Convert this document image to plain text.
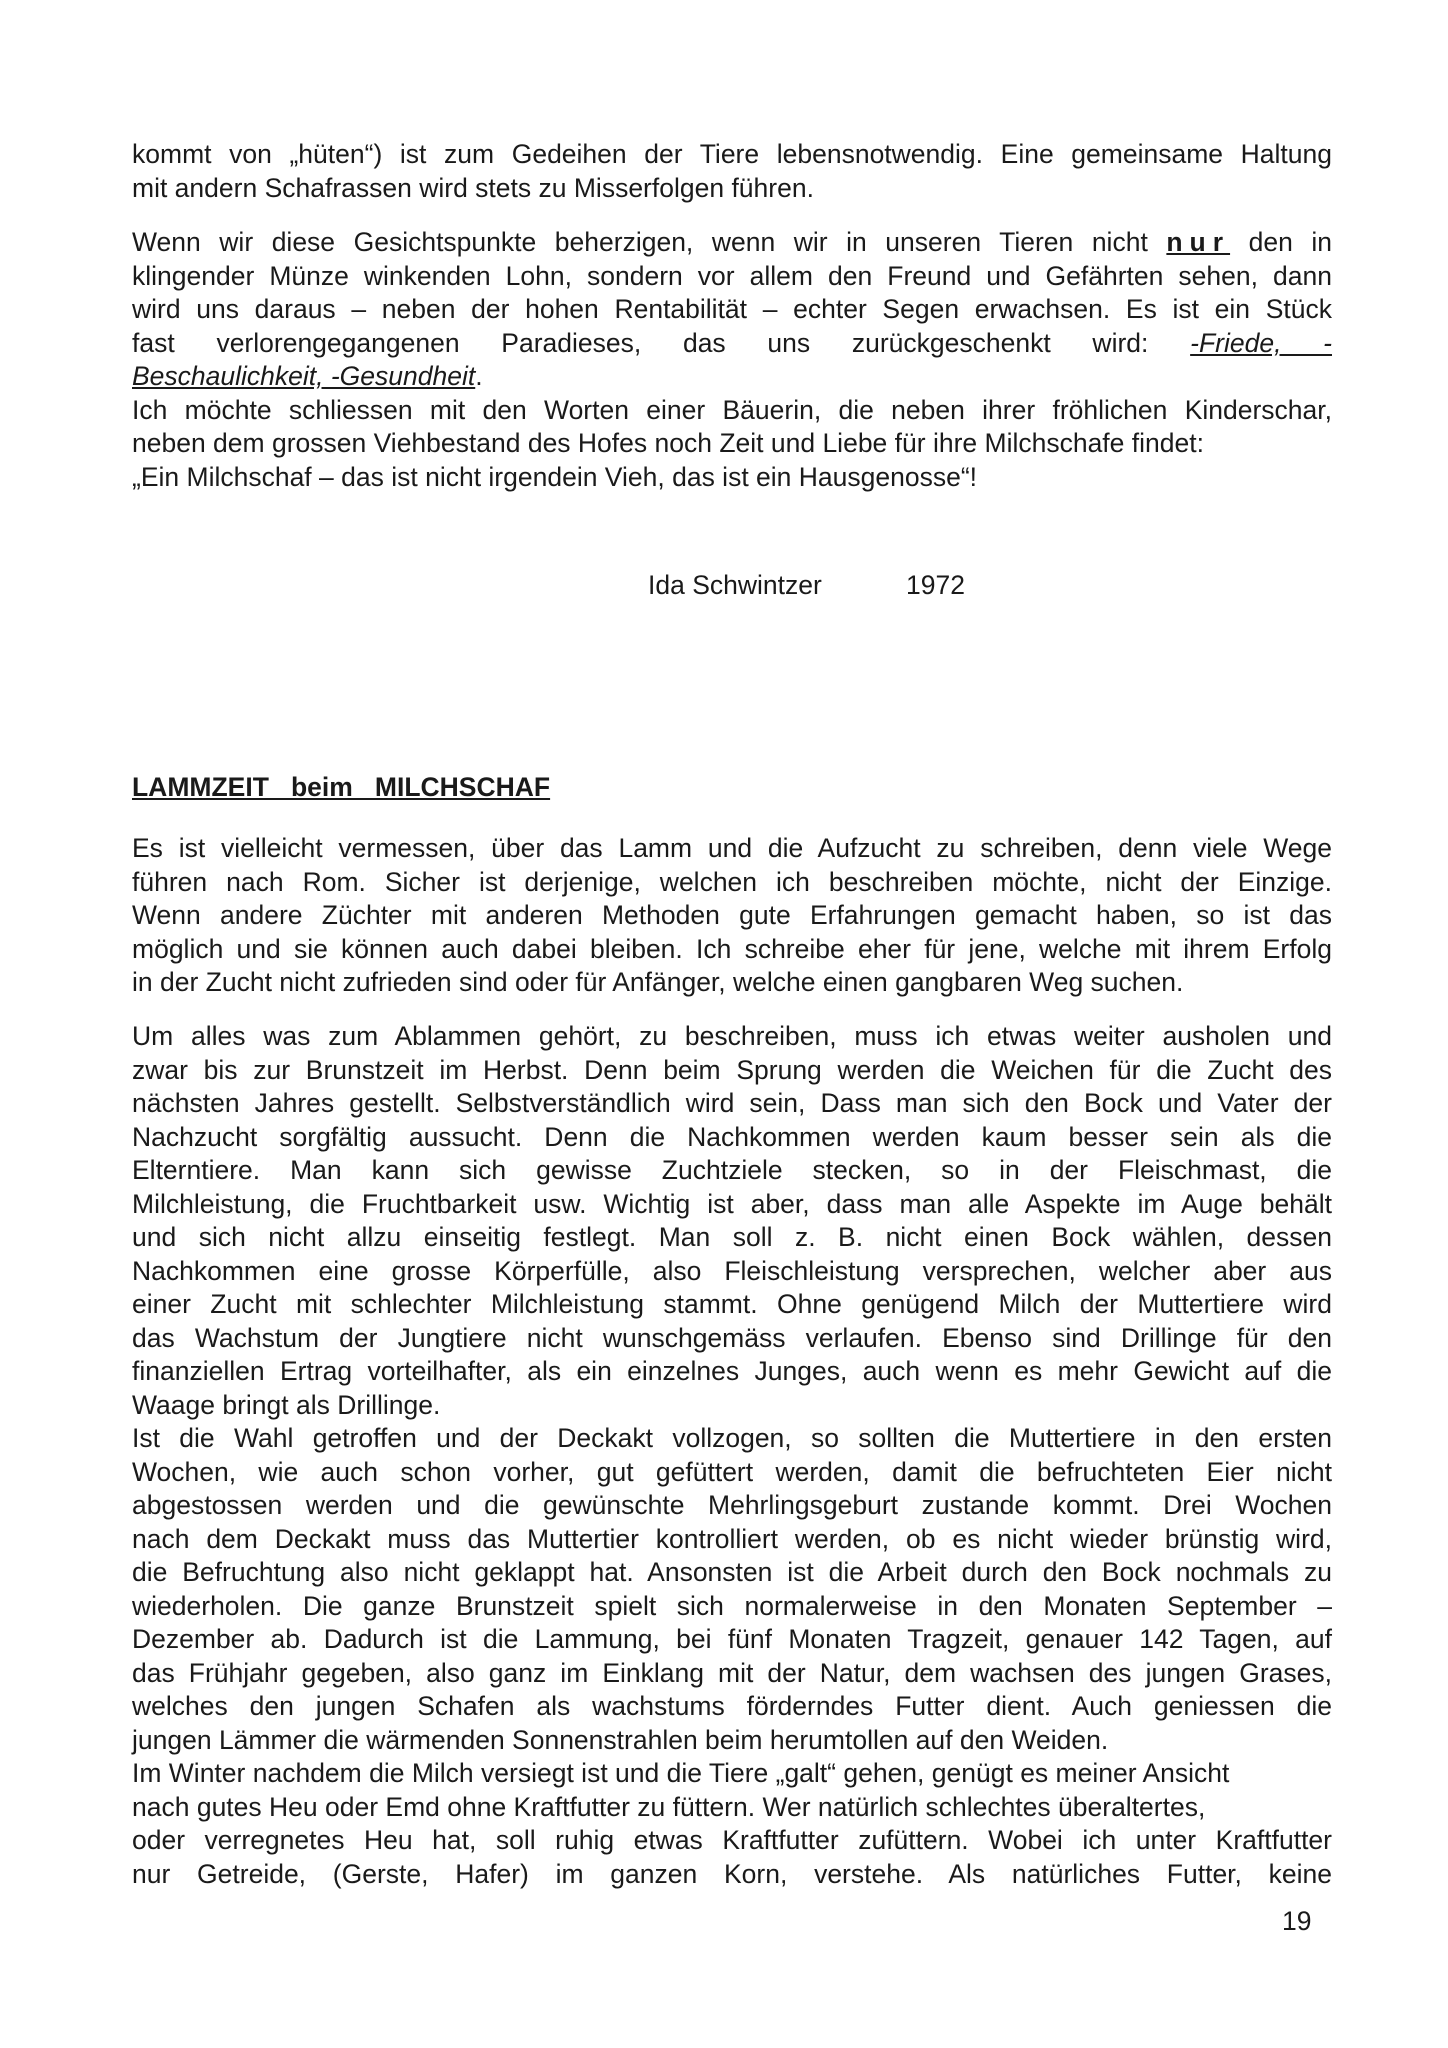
kommt von „hüten“) ist zum Gedeihen der Tiere lebensnotwendig. Eine gemeinsame Haltung
mit andern Schafrassen wird stets zu Misserfolgen führen.
Wenn wir diese Gesichtspunkte beherzigen, wenn wir in unseren Tieren nicht nur den in
klingender Münze winkenden Lohn, sondern vor allem den Freund und Gefährten sehen, dann
wird uns daraus – neben der hohen Rentabilität – echter Segen erwachsen. Es ist ein Stück
fast verlorengegangenen Paradieses, das uns zurückgeschenkt wird: -Friede, -
Beschaulichkeit, -Gesundheit.
Ich möchte schliessen mit den Worten einer Bäuerin, die neben ihrer fröhlichen Kinderschar,
neben dem grossen Viehbestand des Hofes noch Zeit und Liebe für ihre Milchschafe findet:
„Ein Milchschaf – das ist nicht irgendein Vieh, das ist ein Hausgenosse“!
Ida Schwintzer	1972
LAMMZEIT   beim   MILCHSCHAF
Es ist vielleicht vermessen, über das Lamm und die Aufzucht zu schreiben, denn viele Wege
führen nach Rom. Sicher ist derjenige, welchen ich beschreiben möchte, nicht der Einzige.
Wenn andere Züchter mit anderen Methoden gute Erfahrungen gemacht haben, so ist das
möglich und sie können auch dabei bleiben. Ich schreibe eher für jene, welche mit ihrem Erfolg
in der Zucht nicht zufrieden sind oder für Anfänger, welche einen gangbaren Weg suchen.
Um alles was zum Ablammen gehört, zu beschreiben, muss ich etwas weiter ausholen und
zwar bis zur Brunstzeit im Herbst. Denn beim Sprung werden die Weichen für die Zucht des
nächsten Jahres gestellt. Selbstverständlich wird sein, Dass man sich den Bock und Vater der
Nachzucht sorgfältig aussucht. Denn die Nachkommen werden kaum besser sein als die
Elterntiere. Man kann sich gewisse Zuchtziele stecken, so in der Fleischmast, die
Milchleistung, die Fruchtbarkeit usw. Wichtig ist aber, dass man alle Aspekte im Auge behält
und sich nicht allzu einseitig festlegt. Man soll z. B. nicht einen Bock wählen, dessen
Nachkommen eine grosse Körperfülle, also Fleischleistung versprechen, welcher aber aus
einer Zucht mit schlechter Milchleistung stammt. Ohne genügend Milch der Muttertiere wird
das Wachstum der Jungtiere nicht wunschgemäss verlaufen. Ebenso sind Drillinge für den
finanziellen Ertrag vorteilhafter, als ein einzelnes Junges, auch wenn es mehr Gewicht auf die
Waage bringt als Drillinge.
Ist die Wahl getroffen und der Deckakt vollzogen, so sollten die Muttertiere in den ersten
Wochen, wie auch schon vorher, gut gefüttert werden, damit die befruchteten Eier nicht
abgestossen werden und die gewünschte Mehrlingsgeburt zustande kommt. Drei Wochen
nach dem Deckakt muss das Muttertier kontrolliert werden, ob es nicht wieder brünstig wird,
die Befruchtung also nicht geklappt hat. Ansonsten ist die Arbeit durch den Bock nochmals zu
wiederholen. Die ganze Brunstzeit spielt sich normalerweise in den Monaten September –
Dezember ab. Dadurch ist die Lammung, bei fünf Monaten Tragzeit, genauer 142 Tagen, auf
das Frühjahr gegeben, also ganz im Einklang mit der Natur, dem wachsen des jungen Grases,
welches den jungen Schafen als wachstums förderndes Futter dient. Auch geniessen die
jungen Lämmer die wärmenden Sonnenstrahlen beim herumtollen auf den Weiden.
Im Winter nachdem die Milch versiegt ist und die Tiere „galt“ gehen, genügt es meiner Ansicht
nach gutes Heu oder Emd ohne Kraftfutter zu füttern. Wer natürlich schlechtes überaltertes,
oder verregnetes Heu hat, soll ruhig etwas Kraftfutter zufüttern. Wobei ich unter Kraftfutter
nur Getreide, (Gerste, Hafer) im ganzen Korn, verstehe. Als natürliches Futter, keine
19
